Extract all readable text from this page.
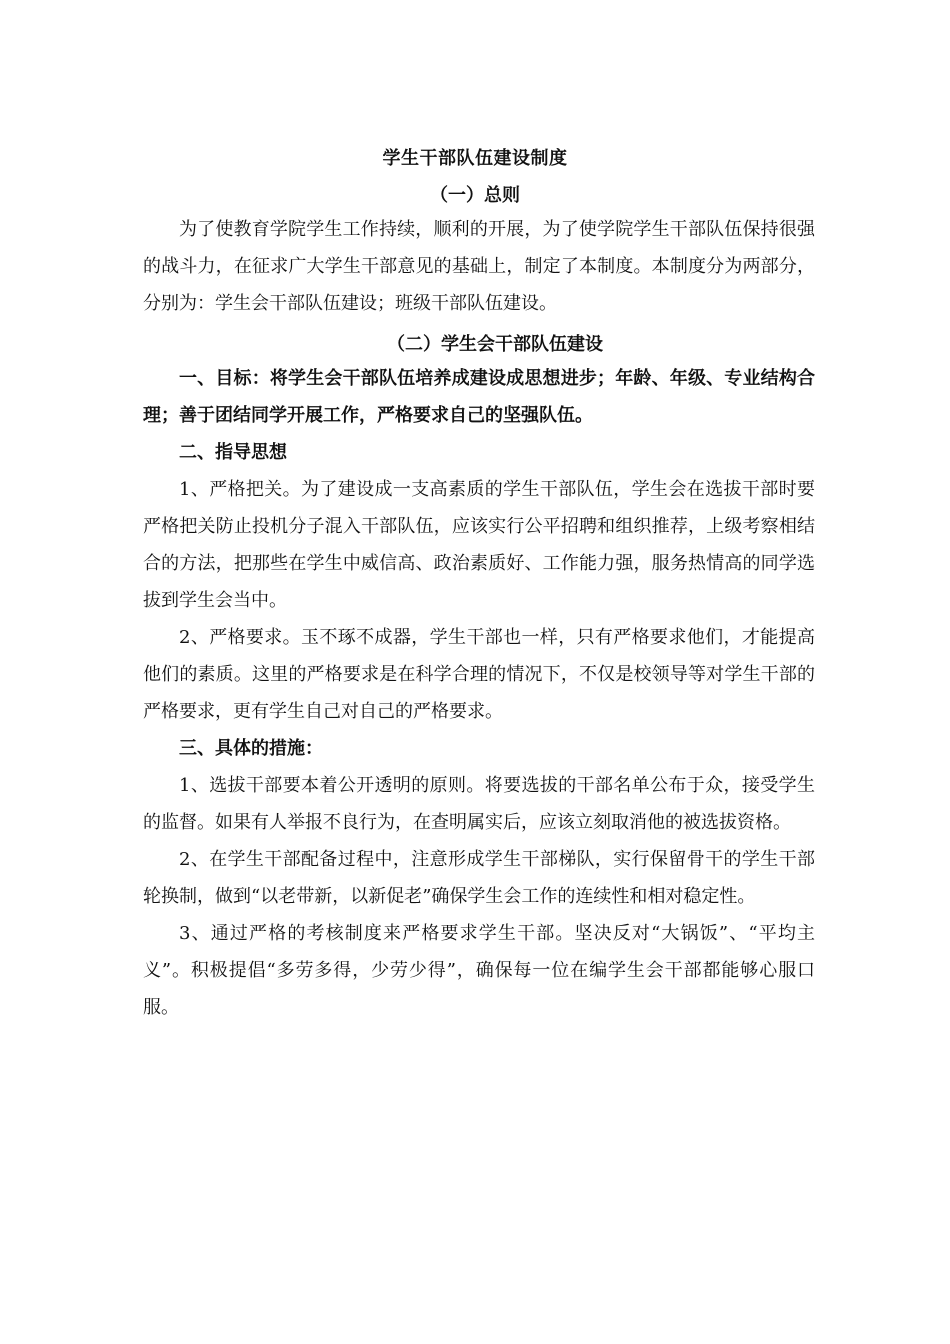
学生干部队伍建设制度
（一）总则

为了使教育学院学生工作持续，顺利的开展，为了使学院学生干部队伍保持很强的战斗力，在征求广大学生干部意见的基础上，制定了本制度。本制度分为两部分，分别为：学生会干部队伍建设；班级干部队伍建设。

（二）学生会干部队伍建设

一、目标：将学生会干部队伍培养成建设成思想进步；年龄、年级、专业结构合理；善于团结同学开展工作，严格要求自己的坚强队伍。

二、指导思想

1、严格把关。为了建设成一支高素质的学生干部队伍，学生会在选拔干部时要严格把关防止投机分子混入干部队伍，应该实行公平招聘和组织推荐，上级考察相结合的方法，把那些在学生中威信高、政治素质好、工作能力强，服务热情高的同学选拔到学生会当中。

2、严格要求。玉不琢不成器，学生干部也一样，只有严格要求他们，才能提高他们的素质。这里的严格要求是在科学合理的情况下，不仅是校领导等对学生干部的严格要求，更有学生自己对自己的严格要求。

三、具体的措施：

1、选拔干部要本着公开透明的原则。将要选拔的干部名单公布于众，接受学生的监督。如果有人举报不良行为，在查明属实后，应该立刻取消他的被选拔资格。

2、在学生干部配备过程中，注意形成学生干部梯队，实行保留骨干的学生干部轮换制，做到“以老带新，以新促老”确保学生会工作的连续性和相对稳定性。

3、通过严格的考核制度来严格要求学生干部。坚决反对“大锅饭”、“平均主义”。积极提倡“多劳多得，少劳少得”，确保每一位在编学生会干部都能够心服口服。
